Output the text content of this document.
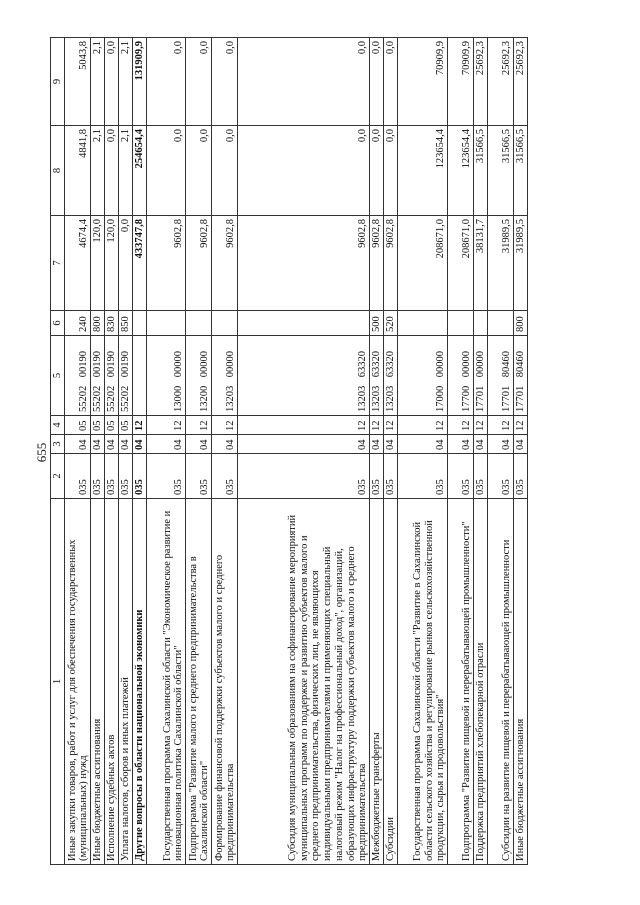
655
1	2	3	4	5	6	7	8	9
Иные закупки товаров, работ и услуг для обеспечения государственных (муниципальных) нужд	035	04	05	5520200190	240	4674,4	4841,8	5043,8
Иные бюджетные ассигнования	035	04	05	5520200190	800	120,0	2,1	2,1
Исполнение судебных актов	035	04	05	5520200190	830	120,0	0,0	0,0
Уплата налогов, сборов и иных платежей	035	04	05	5520200190	850	0,0	2,1	2,1
Другие вопросы в области национальной экономики	035	04	12			433747,8	254654,4	131909,9
Государственная программа Сахалинской области "Экономическое развитие и инновационная политика Сахалинской области"	035	04	12	1300000000		9602,8	0,0	0,0
Подпрограмма "Развитие малого и среднего предпринимательства в Сахалинской области"	035	04	12	1320000000		9602,8	0,0	0,0
Формирование финансовой поддержки субъектов малого и среднего предпринимательства	035	04	12	1320300000		9602,8	0,0	0,0
Субсидия муниципальным образованиям на софинансирование мероприятий муниципальных программ по поддержке и развитию субъектов малого и среднего предпринимательства, физических лиц, не являющихся индивидуальными предпринимателями и применяющих специальный налоговый режим "Налог на профессиональный доход", организаций, образующих инфраструктуру поддержки субъектов малого и среднего предпринимательства	035	04	12	1320363320		9602,8	0,0	0,0
Межбюджетные трансферты	035	04	12	1320363320	500	9602,8	0,0	0,0
Субсидии	035	04	12	1320363320	520	9602,8	0,0	0,0
Государственная программа Сахалинской области "Развитие в Сахалинской области сельского хозяйства и регулирование рынков сельскохозяйственной продукции, сырья и продовольствия"	035	04	12	1700000000		208671,0	123654,4	70909,9
Подпрограмма "Развитие пищевой и перерабатывающей промышленности"	035	04	12	1770000000		208671,0	123654,4	70909,9
Поддержка предприятий хлебопекарной отрасли	035	04	12	1770100000		38131,7	31566,5	25692,3
Субсидии на развитие пищевой и перерабатывающей промышленности	035	04	12	1770180460		31989,5	31566,5	25692,3
Иные бюджетные ассигнования	035	04	12	1770180460	800	31989,5	31566,5	25692,3
